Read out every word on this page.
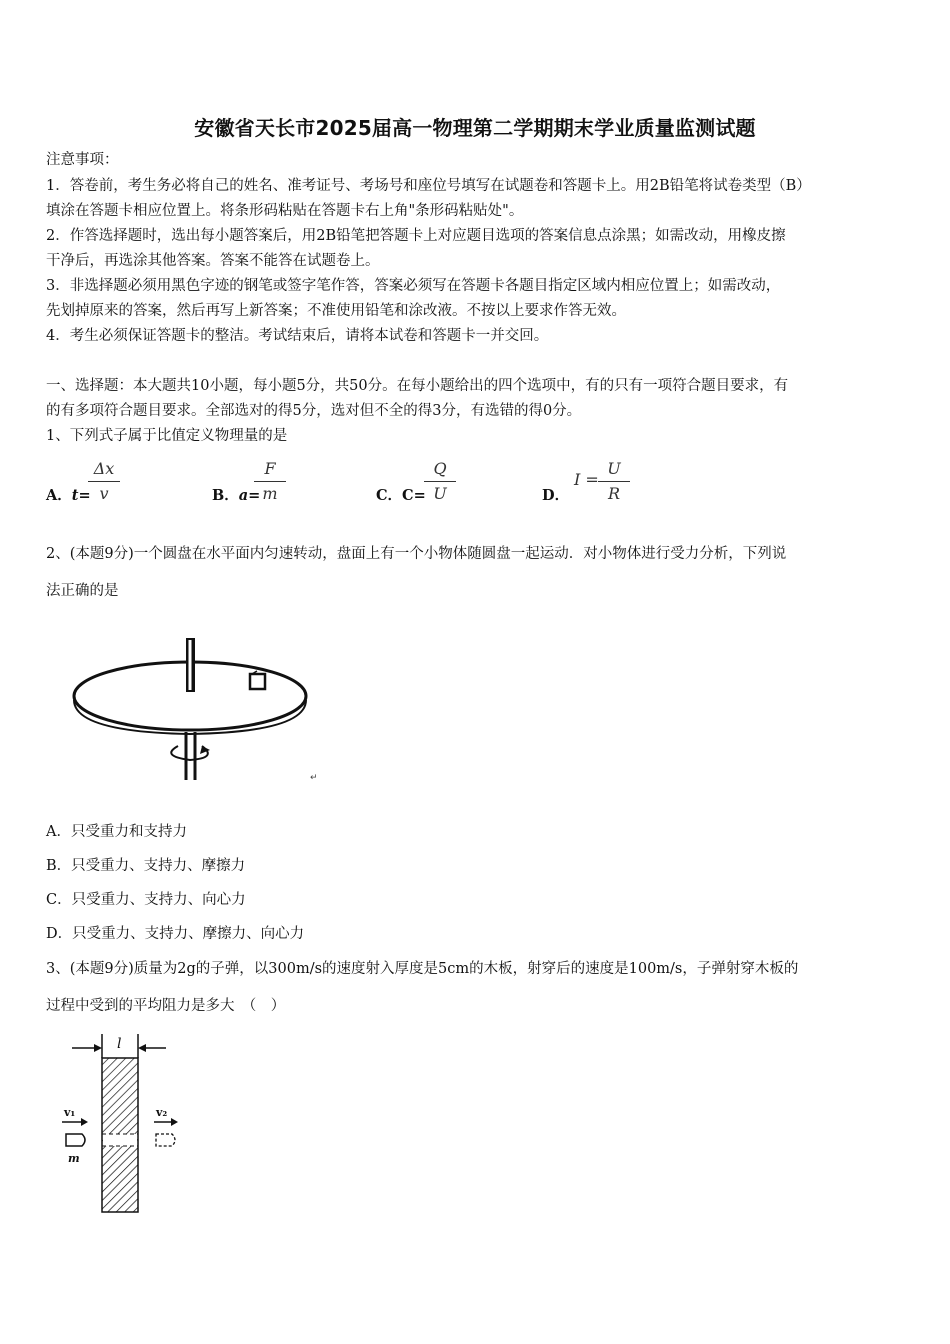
安徽省天长市2025届高一物理第二学期期末学业质量监测试题
注意事项：
1．答卷前，考生务必将自己的姓名、准考证号、考场号和座位号填写在试题卷和答题卡上。用2B铅笔将试卷类型（B）
填涂在答题卡相应位置上。将条形码粘贴在答题卡右上角"条形码粘贴处"。
2．作答选择题时，选出每小题答案后，用2B铅笔把答题卡上对应题目选项的答案信息点涂黑；如需改动，用橡皮擦
干净后，再选涂其他答案。答案不能答在试题卷上。
3．非选择题必须用黑色字迹的钢笔或签字笔作答，答案必须写在答题卡各题目指定区域内相应位置上；如需改动，
先划掉原来的答案，然后再写上新答案；不准使用铅笔和涂改液。不按以上要求作答无效。
4．考生必须保证答题卡的整洁。考试结束后，请将本试卷和答题卡一并交回。
一、选择题：本大题共10小题，每小题5分，共50分。在每小题给出的四个选项中，有的只有一项符合题目要求，有
的有多项符合题目要求。全部选对的得5分，选对但不全的得3分，有选错的得0分。
1、下列式子属于比值定义物理量的是
A．t=
Δx
v	B．a=
F
m	C．C=
Q
U	D．
I =
U
R
2、(本题9分)一个圆盘在水平面内匀速转动，盘面上有一个小物体随圆盘一起运动．对小物体进行受力分析，下列说
法正确的是
↵
A．只受重力和支持力
B．只受重力、支持力、摩擦力
C．只受重力、支持力、向心力
D．只受重力、支持力、摩擦力、向心力
3、(本题9分)质量为2g的子弹，以300m/s的速度射入厚度是5cm的木板，射穿后的速度是100m/s，子弹射穿木板的
过程中受到的平均阻力是多大　（　）
l
v₁
m
v₂
